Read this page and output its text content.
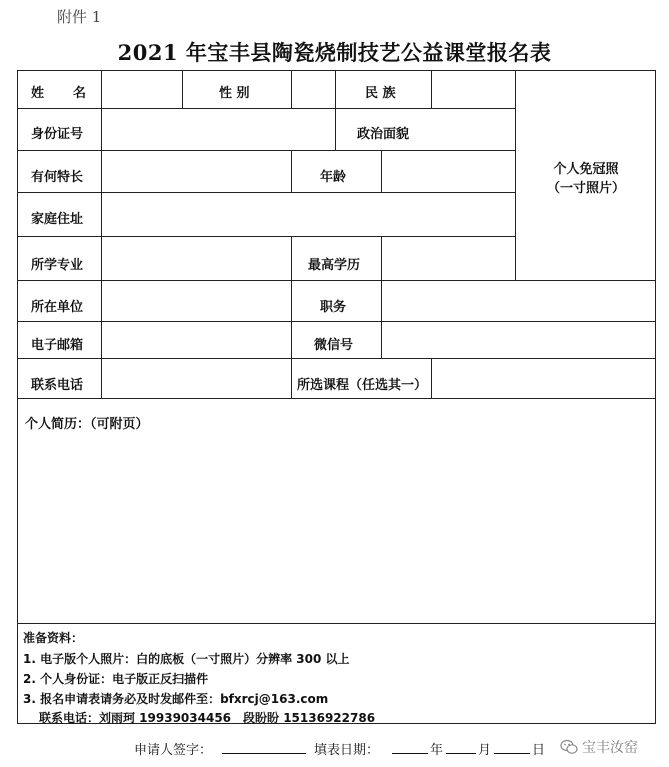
附件 1
2021 年宝丰县陶瓷烧制技艺公益课堂报名表
姓　　名	性 别	民 族
身份证号	政治面貌
有何特长	年龄
家庭住址
所学专业	最高学历
所在单位	职务
电子邮箱	微信号
联系电话	所选课程（任选其一）
个人免冠照
（一寸照片）
个人简历：（可附页）
准备资料：
1. 电子版个人照片：白的底板（一寸照片）分辨率 300 以上
2. 个人身份证：电子版正反扫描件
3. 报名申请表请务必及时发邮件至：bfxrcj@163.com
联系电话：刘雨珂 19939034456　段盼盼 15136922786
申请人签字：	填表日期：	年	月	日	宝丰汝窑
